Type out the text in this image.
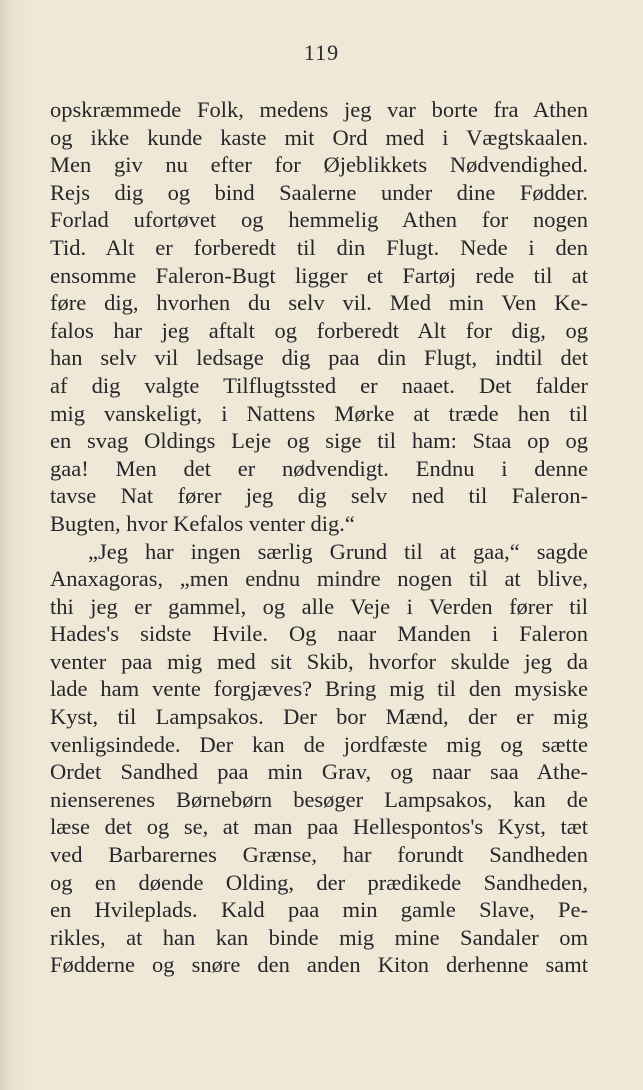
119
opskræmmede Folk, medens jeg var borte fra Athen
og ikke kunde kaste mit Ord med i Vægtskaalen.
Men giv nu efter for Øjeblikkets Nødvendighed.
Rejs dig og bind Saalerne under dine Fødder.
Forlad ufortøvet og hemmelig Athen for nogen
Tid. Alt er forberedt til din Flugt. Nede i den
ensomme Faleron-Bugt ligger et Fartøj rede til at
føre dig, hvorhen du selv vil. Med min Ven Ke-
falos har jeg aftalt og forberedt Alt for dig, og
han selv vil ledsage dig paa din Flugt, indtil det
af dig valgte Tilflugtssted er naaet. Det falder
mig vanskeligt, i Nattens Mørke at træde hen til
en svag Oldings Leje og sige til ham: Staa op og
gaa! Men det er nødvendigt. Endnu i denne
tavse Nat fører jeg dig selv ned til Faleron-
Bugten, hvor Kefalos venter dig.“
„Jeg har ingen særlig Grund til at gaa,“ sagde
Anaxagoras, „men endnu mindre nogen til at blive,
thi jeg er gammel, og alle Veje i Verden fører til
Hades's sidste Hvile. Og naar Manden i Faleron
venter paa mig med sit Skib, hvorfor skulde jeg da
lade ham vente forgjæves? Bring mig til den mysiske
Kyst, til Lampsakos. Der bor Mænd, der er mig
venligsindede. Der kan de jordfæste mig og sætte
Ordet Sandhed paa min Grav, og naar saa Athe-
nienserenes Børnebørn besøger Lampsakos, kan de
læse det og se, at man paa Hellespontos's Kyst, tæt
ved Barbarernes Grænse, har forundt Sandheden
og en døende Olding, der prædikede Sandheden,
en Hvileplads. Kald paa min gamle Slave, Pe-
rikles, at han kan binde mig mine Sandaler om
Fødderne og snøre den anden Kiton derhenne samt
